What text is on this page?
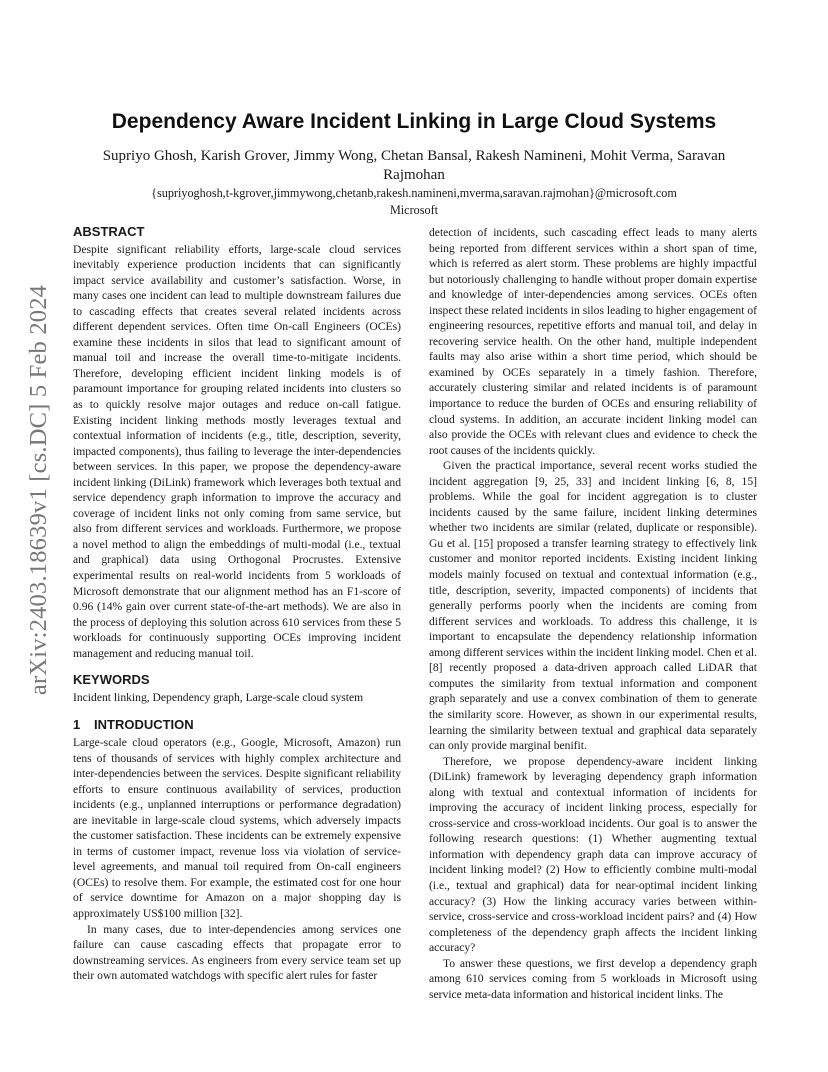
arXiv:2403.18639v1 [cs.DC] 5 Feb 2024
Dependency Aware Incident Linking in Large Cloud Systems
Supriyo Ghosh, Karish Grover, Jimmy Wong, Chetan Bansal, Rakesh Namineni, Mohit Verma, Saravan Rajmohan
{supriyoghosh,t-kgrover,jimmywong,chetanb,rakesh.namineni,mverma,saravan.rajmohan}@microsoft.com
Microsoft
ABSTRACT

Despite significant reliability efforts, large-scale cloud services inevitably experience production incidents that can significantly impact service availability and customer’s satisfaction. Worse, in many cases one incident can lead to multiple downstream failures due to cascading effects that creates several related incidents across different dependent services. Often time On-call Engineers (OCEs) examine these incidents in silos that lead to significant amount of manual toil and increase the overall time-to-mitigate incidents. Therefore, developing efficient incident linking models is of paramount importance for grouping related incidents into clusters so as to quickly resolve major outages and reduce on-call fatigue. Existing incident linking methods mostly leverages textual and contextual information of incidents (e.g., title, description, severity, impacted components), thus failing to leverage the inter-dependencies between services. In this paper, we propose the dependency-aware incident linking (DiLink) framework which leverages both textual and service dependency graph information to improve the accuracy and coverage of incident links not only coming from same service, but also from different services and workloads. Furthermore, we propose a novel method to align the embeddings of multi-modal (i.e., textual and graphical) data using Orthogonal Procrustes. Extensive experimental results on real-world incidents from 5 workloads of Microsoft demonstrate that our alignment method has an F1-score of 0.96 (14% gain over current state-of-the-art methods). We are also in the process of deploying this solution across 610 services from these 5 workloads for continuously supporting OCEs improving incident management and reducing manual toil.

KEYWORDS

Incident linking, Dependency graph, Large-scale cloud system

1 INTRODUCTION

Large-scale cloud operators (e.g., Google, Microsoft, Amazon) run tens of thousands of services with highly complex architecture and inter-dependencies between the services. Despite significant reliability efforts to ensure continuous availability of services, production incidents (e.g., unplanned interruptions or performance degradation) are inevitable in large-scale cloud systems, which adversely impacts the customer satisfaction. These incidents can be extremely expensive in terms of customer impact, revenue loss via violation of service-level agreements, and manual toil required from On-call engineers (OCEs) to resolve them. For example, the estimated cost for one hour of service downtime for Amazon on a major shopping day is approximately US$100 million [32].

In many cases, due to inter-dependencies among services one failure can cause cascading effects that propagate error to downstreaming services. As engineers from every service team set up their own automated watchdogs with specific alert rules for faster

detection of incidents, such cascading effect leads to many alerts being reported from different services within a short span of time, which is referred as alert storm. These problems are highly impactful but notoriously challenging to handle without proper domain expertise and knowledge of inter-dependencies among services. OCEs often inspect these related incidents in silos leading to higher engagement of engineering resources, repetitive efforts and manual toil, and delay in recovering service health. On the other hand, multiple independent faults may also arise within a short time period, which should be examined by OCEs separately in a timely fashion. Therefore, accurately clustering similar and related incidents is of paramount importance to reduce the burden of OCEs and ensuring reliability of cloud systems. In addition, an accurate incident linking model can also provide the OCEs with relevant clues and evidence to check the root causes of the incidents quickly.

Given the practical importance, several recent works studied the incident aggregation [9, 25, 33] and incident linking [6, 8, 15] problems. While the goal for incident aggregation is to cluster incidents caused by the same failure, incident linking determines whether two incidents are similar (related, duplicate or responsible). Gu et al. [15] proposed a transfer learning strategy to effectively link customer and monitor reported incidents. Existing incident linking models mainly focused on textual and contextual information (e.g., title, description, severity, impacted components) of incidents that generally performs poorly when the incidents are coming from different services and workloads. To address this challenge, it is important to encapsulate the dependency relationship information among different services within the incident linking model. Chen et al. [8] recently proposed a data-driven approach called LiDAR that computes the similarity from textual information and component graph separately and use a convex combination of them to generate the similarity score. However, as shown in our experimental results, learning the similarity between textual and graphical data separately can only provide marginal benifit.

Therefore, we propose dependency-aware incident linking (DiLink) framework by leveraging dependency graph information along with textual and contextual information of incidents for improving the accuracy of incident linking process, especially for cross-service and cross-workload incidents. Our goal is to answer the following research questions: (1) Whether augmenting textual information with dependency graph data can improve accuracy of incident linking model? (2) How to efficiently combine multi-modal (i.e., textual and graphical) data for near-optimal incident linking accuracy? (3) How the linking accuracy varies between within-service, cross-service and cross-workload incident pairs? and (4) How completeness of the dependency graph affects the incident linking accuracy?

To answer these questions, we first develop a dependency graph among 610 services coming from 5 workloads in Microsoft using service meta-data information and historical incident links. The
